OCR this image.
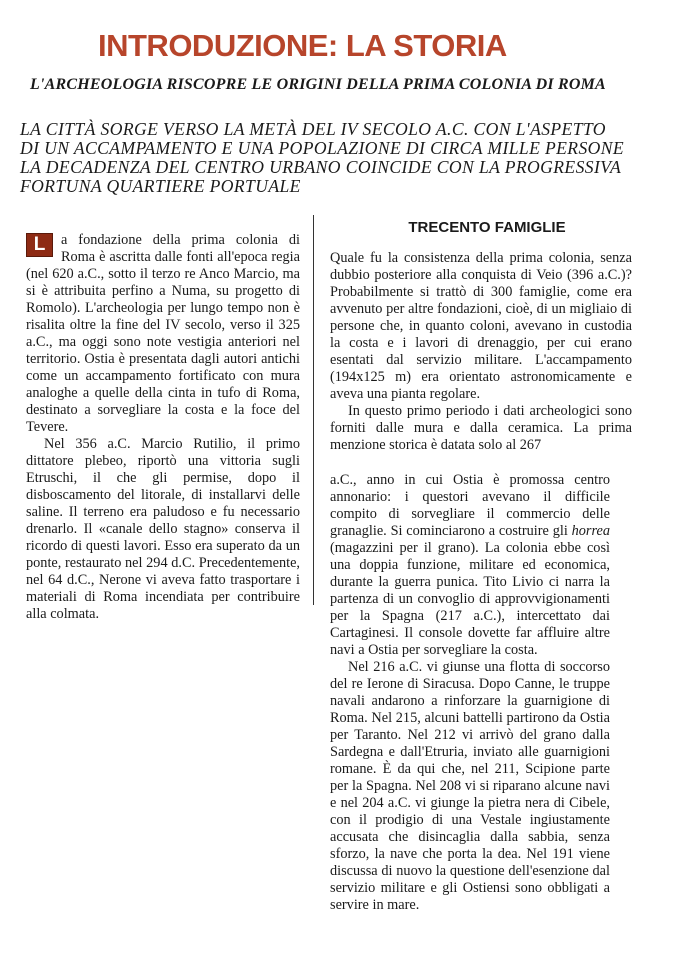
INTRODUZIONE: LA STORIA
L'ARCHEOLOGIA RISCOPRE LE ORIGINI DELLA PRIMA COLONIA DI ROMA
LA CITTÀ SORGE VERSO LA METÀ DEL IV SECOLO A.C. CON L'ASPETTO
DI UN ACCAMPAMENTO E UNA POPOLAZIONE DI CIRCA MILLE PERSONE
LA DECADENZA DEL CENTRO URBANO COINCIDE CON LA PROGRESSIVA
FORTUNA QUARTIERE PORTUALE

L	a fondazione della prima colonia di Roma è ascritta dalle fonti all'epoca regia (nel 620 a.C., sotto il terzo re Anco Marcio, ma si è attribuita perfino a Numa, su progetto di Romolo). L'archeologia per lungo tempo non è risalita oltre la fine del IV secolo, verso il 325 a.C., ma oggi sono note vestigia anteriori nel territorio. Ostia è presentata dagli autori antichi come un accampamento fortificato con mura analoghe a quelle della cinta in tufo di Roma, destinato a sorvegliare la costa e la foce del Tevere.

Nel 356 a.C. Marcio Rutilio, il primo dittatore plebeo, riportò una vittoria sugli Etruschi, il che gli permise, dopo il disboscamento del litorale, di installarvi delle saline. Il terreno era paludoso e fu necessario drenarlo. Il «canale dello stagno» conserva il ricordo di questi lavori. Esso era superato da un ponte, restaurato nel 294 d.C. Precedentemente, nel 64 d.C., Nerone vi aveva fatto trasportare i materiali di Roma incendiata per contribuire alla colmata.

TRECENTO FAMIGLIE

Quale fu la consistenza della prima colonia, senza dubbio posteriore alla conquista di Veio (396 a.C.)? Probabilmente si trattò di 300 famiglie, come era avvenuto per altre fondazioni, cioè, di un migliaio di persone che, in quanto coloni, avevano in custodia la costa e i lavori di drenaggio, per cui erano esentati dal servizio militare. L'accampamento (194x125 m) era orientato astronomicamente e aveva una pianta regolare.

In questo primo periodo i dati archeologici sono forniti dalle mura e dalla ceramica. La prima menzione storica è datata solo al 267

a.C., anno in cui Ostia è promossa centro annonario: i questori avevano il difficile compito di sorvegliare il commercio delle granaglie. Si cominciarono a costruire gli horrea (magazzini per il grano). La colonia ebbe così una doppia funzione, militare ed economica, durante la guerra punica. Tito Livio ci narra la partenza di un convoglio di approvvigionamenti per la Spagna (217 a.C.), intercettato dai Cartaginesi. Il console dovette far affluire altre navi a Ostia per sorvegliare la costa.

Nel 216 a.C. vi giunse una flotta di soccorso del re Ierone di Siracusa. Dopo Canne, le truppe navali andarono a rinforzare la guarnigione di Roma. Nel 215, alcuni battelli partirono da Ostia per Taranto. Nel 212 vi arrivò del grano dalla Sardegna e dall'Etruria, inviato alle guarnigioni romane. È da qui che, nel 211, Scipione parte per la Spagna. Nel 208 vi si riparano alcune navi e nel 204 a.C. vi giunge la pietra nera di Cibele, con il prodigio di una Vestale ingiustamente accusata che disincaglia dalla sabbia, senza sforzo, la nave che porta la dea. Nel 191 viene discussa di nuovo la questione dell'esenzione dal servizio militare e gli Ostiensi sono obbligati a servire in mare.
